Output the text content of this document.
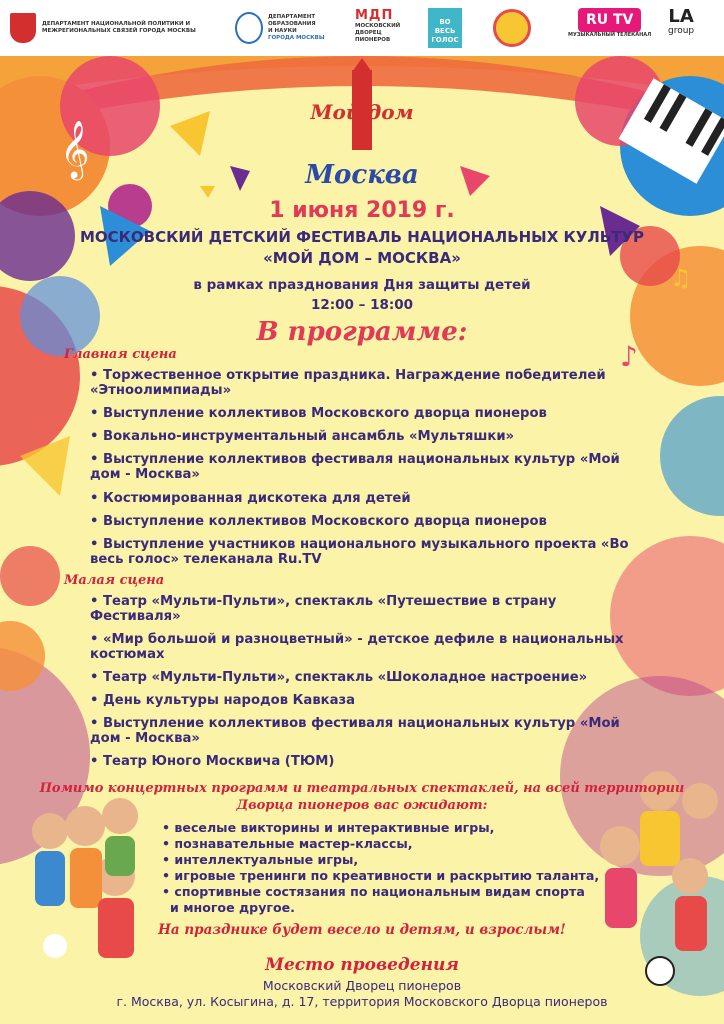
𝄞
♪
♫
ДЕПАРТАМЕНТ НАЦИОНАЛЬНОЙ ПОЛИТИКИ И МЕЖРЕГИОНАЛЬНЫХ СВЯЗЕЙ ГОРОДА МОСКВЫ
ДЕПАРТАМЕНТ
ОБРАЗОВАНИЯ
И НАУКИ
ГОРОДА МОСКВЫ
МДП
МОСКОВСКИЙ ДВОРЕЦ ПИОНЕРОВ
ВО ВЕСЬ ГОЛОС
RU TV
МУЗЫКАЛЬНЫЙ ТЕЛЕКАНАЛ
LA
group
Мой дом
Москва
1 июня 2019 г.
МОСКОВСКИЙ ДЕТСКИЙ ФЕСТИВАЛЬ НАЦИОНАЛЬНЫХ КУЛЬТУР
«МОЙ ДОМ – МОСКВА»
в рамках празднования Дня защиты детей
12:00 – 18:00
В программе:
Главная сцена
• Торжественное открытие праздника. Награждение победителей «Этноолимпиады»
• Выступление коллективов Московского дворца пионеров
• Вокально-инструментальный ансамбль «Мультяшки»
• Выступление коллективов фестиваля национальных культур «Мой дом - Москва»
• Костюмированная дискотека для детей
• Выступление коллективов Московского дворца пионеров
• Выступление участников национального музыкального проекта «Во весь голос» телеканала Ru.TV
Малая сцена
• Театр «Мульти-Пульти», спектакль «Путешествие в страну Фестиваля»
• «Мир большой и разноцветный» - детское дефиле в национальных костюмах
• Театр «Мульти-Пульти», спектакль «Шоколадное настроение»
• День культуры народов Кавказа
• Выступление коллективов фестиваля национальных культур «Мой дом - Москва»
• Театр Юного Москвича (ТЮМ)
Помимо концертных программ и театральных спектаклей, на всей территории Дворца пионеров вас ожидают:
• веселые викторины и интерактивные игры,
• познавательные мастер-классы,
• интеллектуальные игры,
• игровые тренинги по креативности и раскрытию таланта,
• спортивные состязания по национальным видам спорта
и многое другое.
На празднике будет весело и детям, и взрослым!
Место проведения
Московский Дворец пионеров
г. Москва, ул. Косыгина, д. 17, территория Московского Дворца пионеров
